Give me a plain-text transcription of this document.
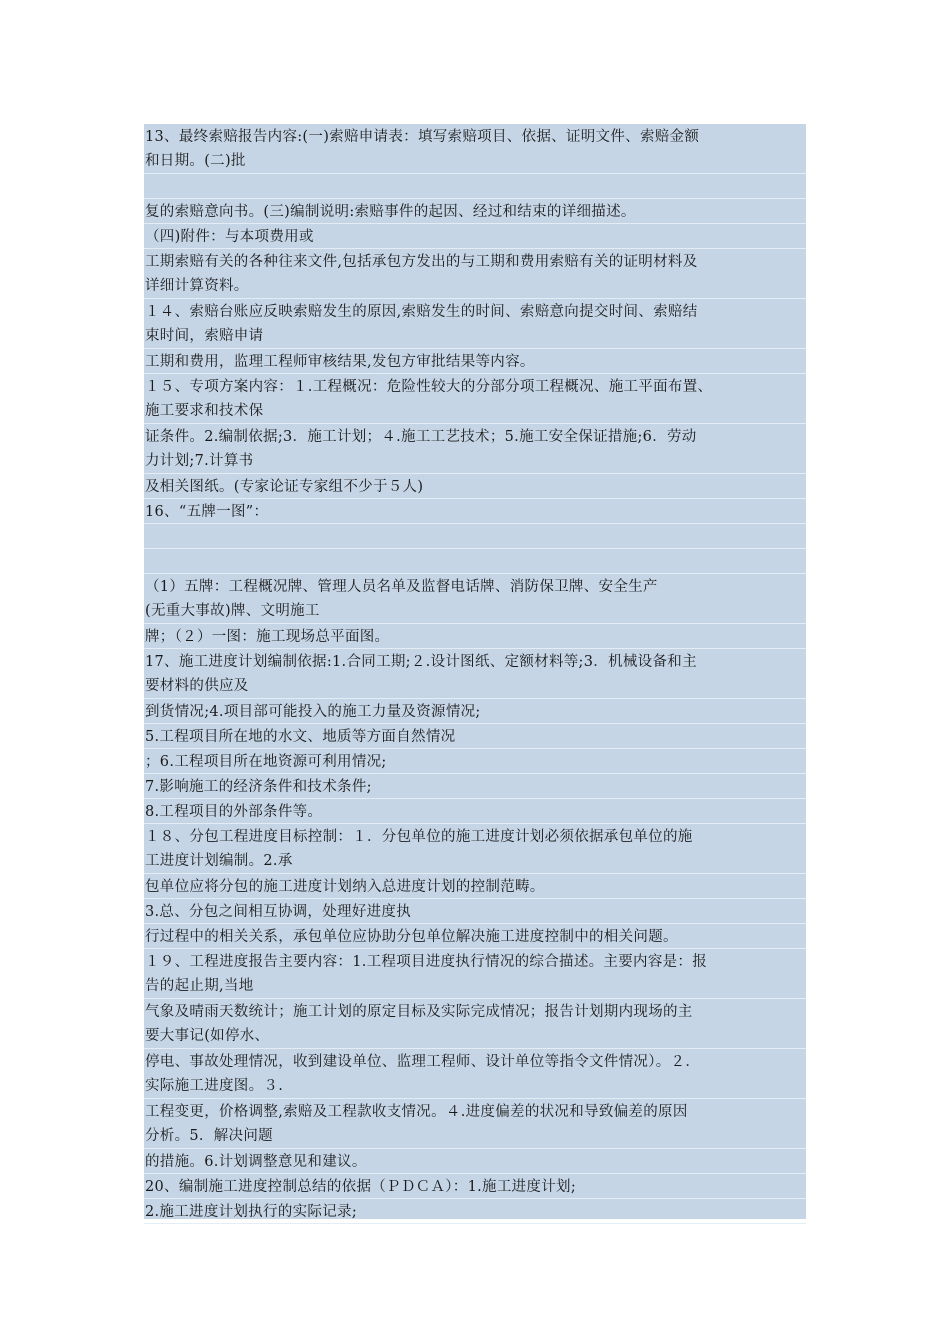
13、最终索赔报告内容:(一)索赔申请表：填写索赔项目、依据、证明文件、索赔金额
和日期。(二)批
复的索赔意向书。(三)编制说明:索赔事件的起因、经过和结束的详细描述。
（四)附件：与本项费用或
工期索赔有关的各种往来文件,包括承包方发出的与工期和费用索赔有关的证明材料及
详细计算资料。
１４、索赔台账应反映索赔发生的原因,索赔发生的时间、索赔意向提交时间、索赔结
束时间，索赔申请
工期和费用，监理工程师审核结果,发包方审批结果等内容。
１５、专项方案内容：１.工程概况：危险性较大的分部分项工程概况、施工平面布置、
施工要求和技术保
证条件。2.编制依据;3．施工计划；４.施工工艺技术；5.施工安全保证措施;6．劳动
力计划;7.计算书
及相关图纸。(专家论证专家组不少于５人)
16、“五牌一图”：
（1）五牌：工程概况牌、管理人员名单及监督电话牌、消防保卫牌、安全生产
(无重大事故)牌、文明施工
牌；（２）一图：施工现场总平面图。
17、施工进度计划编制依据:1.合同工期;２.设计图纸、定额材料等;3．机械设备和主
要材料的供应及
到货情况;4.项目部可能投入的施工力量及资源情况;
5.工程项目所在地的水文、地质等方面自然情况
；6.工程项目所在地资源可利用情况;
7.影响施工的经济条件和技术条件;
8.工程项目的外部条件等。
１８、分包工程进度目标控制：１．分包单位的施工进度计划必须依据承包单位的施
工进度计划编制。2.承
包单位应将分包的施工进度计划纳入总进度计划的控制范畴。
3.总、分包之间相互协调，处理好进度执
行过程中的相关关系，承包单位应协助分包单位解决施工进度控制中的相关问题。
１９、工程进度报告主要内容：1.工程项目进度执行情况的综合描述。主要内容是：报
告的起止期,当地
气象及晴雨天数统计；施工计划的原定目标及实际完成情况；报告计划期内现场的主
要大事记(如停水、
停电、事故处理情况，收到建设单位、监理工程师、设计单位等指令文件情况）。２．
实际施工进度图。３.
工程变更，价格调整,索赔及工程款收支情况。４.进度偏差的状况和导致偏差的原因
分析。5．解决问题
的措施。6.计划调整意见和建议。
20、编制施工进度控制总结的依据（ＰＤＣＡ）：1.施工进度计划;
2.施工进度计划执行的实际记录;
